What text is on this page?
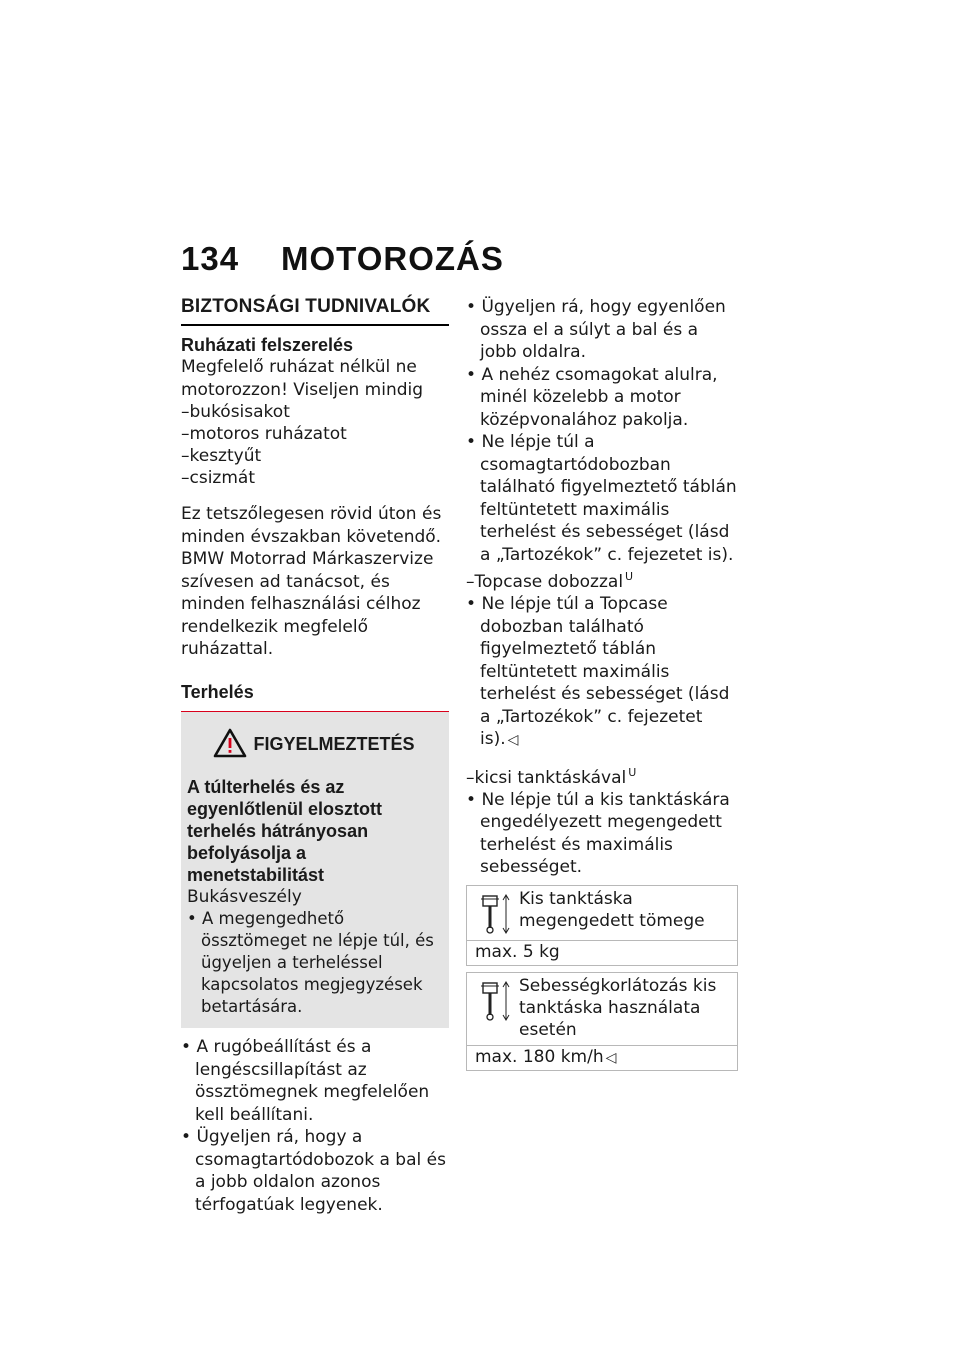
134	MOTOROZÁS
BIZTONSÁGI TUDNIVALÓK
Ruházati felszerelés

Megfelelő ruházat nélkül ne motorozzon! Viseljen mindig

– bukósisakot
– motoros ruházatot
– kesztyűt
– csizmát

Ez tetszőlegesen rövid úton és minden évszakban követendő. BMW Motorrad Márkaszervize szívesen ad tanácsot, és minden felhasználási célhoz rendelkezik megfelelő ruházattal.

Terhelés
FIGYELMEZTETÉS
A túlterhelés és az egyenlőtlenül elosztott terhelés hátrányosan befolyásolja a menetstabilitást

Bukásveszély

• A megengedhető össztömeget ne lépje túl, és ügyeljen a terheléssel kapcsolatos megjegyzések betartására.
• A rugóbeállítást és a lengéscsillapítást az össztömegnek megfelelően kell beállítani.
• Ügyeljen rá, hogy a csomagtartódobozok a bal és a jobb oldalon azonos térfogatúak legyenek.
• Ügyeljen rá, hogy egyenlően ossza el a súlyt a bal és a jobb oldalra.
• A nehéz csomagokat alulra, minél közelebb a motor középvonalához pakolja.
• Ne lépje túl a csomagtartódobozban található figyelmeztető táblán feltüntetett maximális terhelést és sebességet (lásd a „Tartozékok” c. fejezetet is).
– Topcase dobozzal $^U$
• Ne lépje túl a Topcase dobozban található figyelmeztető táblán feltüntetett maximális terhelést és sebességet (lásd a „Tartozékok” c. fejezetet is). ◁
– kicsi tanktáskával $^U$
• Ne lépje túl a kis tanktáskára engedélyezett megengedett terhelést és maximális sebességet.
Kis tanktáska megengedett tömege
max. 5 kg
Sebességkorlátozás kis tanktáska használata esetén
max. 180 km/h ◁
